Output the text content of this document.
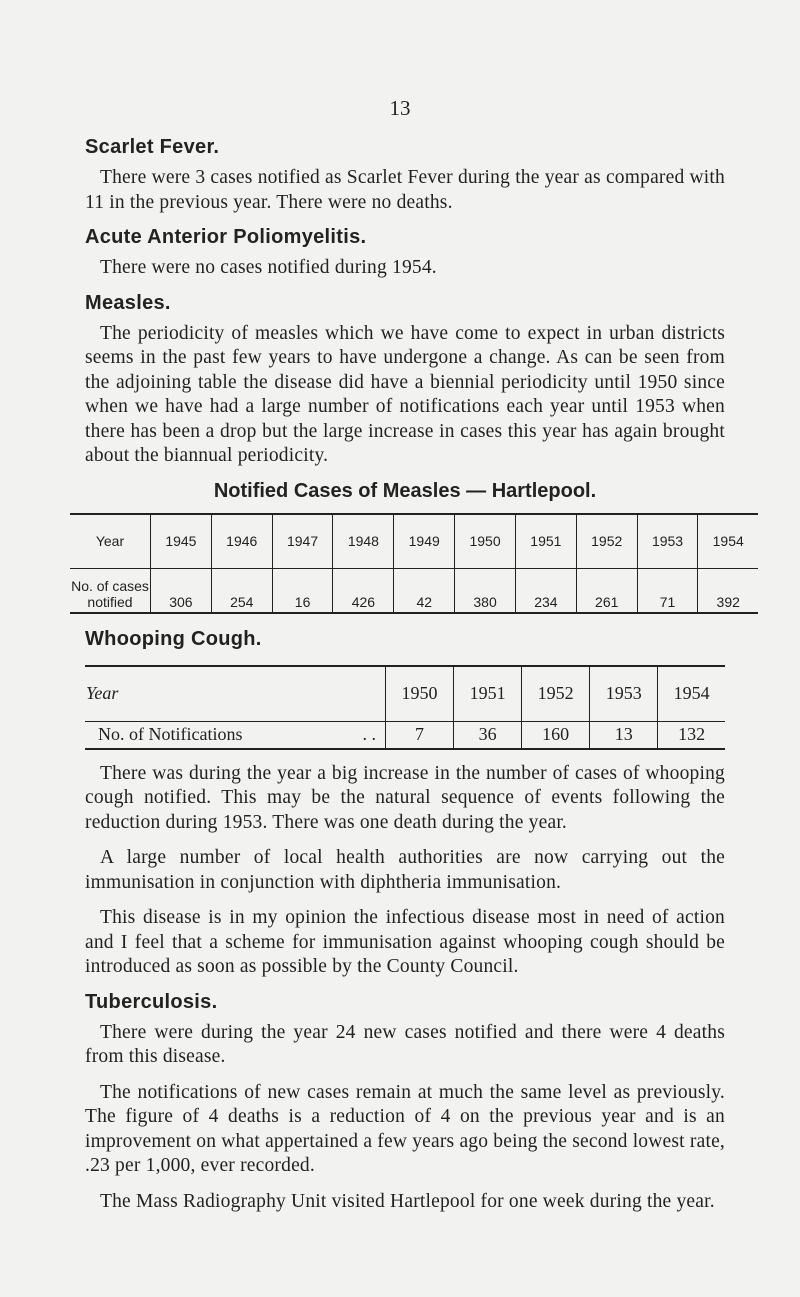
13
Scarlet Fever.

There were 3 cases notified as Scarlet Fever during the year as compared with 11 in the previous year. There were no deaths.

Acute Anterior Poliomyelitis.

There were no cases notified during 1954.

Measles.

The periodicity of measles which we have come to expect in urban districts seems in the past few years to have undergone a change. As can be seen from the adjoining table the disease did have a biennial periodicity until 1950 since when we have had a large number of notifications each year until 1953 when there has been a drop but the large increase in cases this year has again brought about the biannual periodicity.

Notified Cases of Measles — Hartlepool.
Year	1945	1946	1947	1948	1949	1950	1951	1952	1953	1954

No. of cases
notified	306	254	16	426	42	380	234	261	71	392
Whooping Cough.
Year	1950	1951	1952	1953	1954

No. of Notifications . .	7	36	160	13	132

There was during the year a big increase in the number of cases of whooping cough notified. This may be the natural sequence of events following the reduction during 1953. There was one death during the year.

A large number of local health authorities are now carrying out the immunisation in conjunction with diphtheria immunisation.

This disease is in my opinion the infectious disease most in need of action and I feel that a scheme for immunisation against whooping cough should be introduced as soon as possible by the County Council.

Tuberculosis.

There were during the year 24 new cases notified and there were 4 deaths from this disease.

The notifications of new cases remain at much the same level as previously. The figure of 4 deaths is a reduction of 4 on the previous year and is an improvement on what appertained a few years ago being the second lowest rate, .23 per 1,000, ever recorded.

The Mass Radiography Unit visited Hartlepool for one week during the year.
